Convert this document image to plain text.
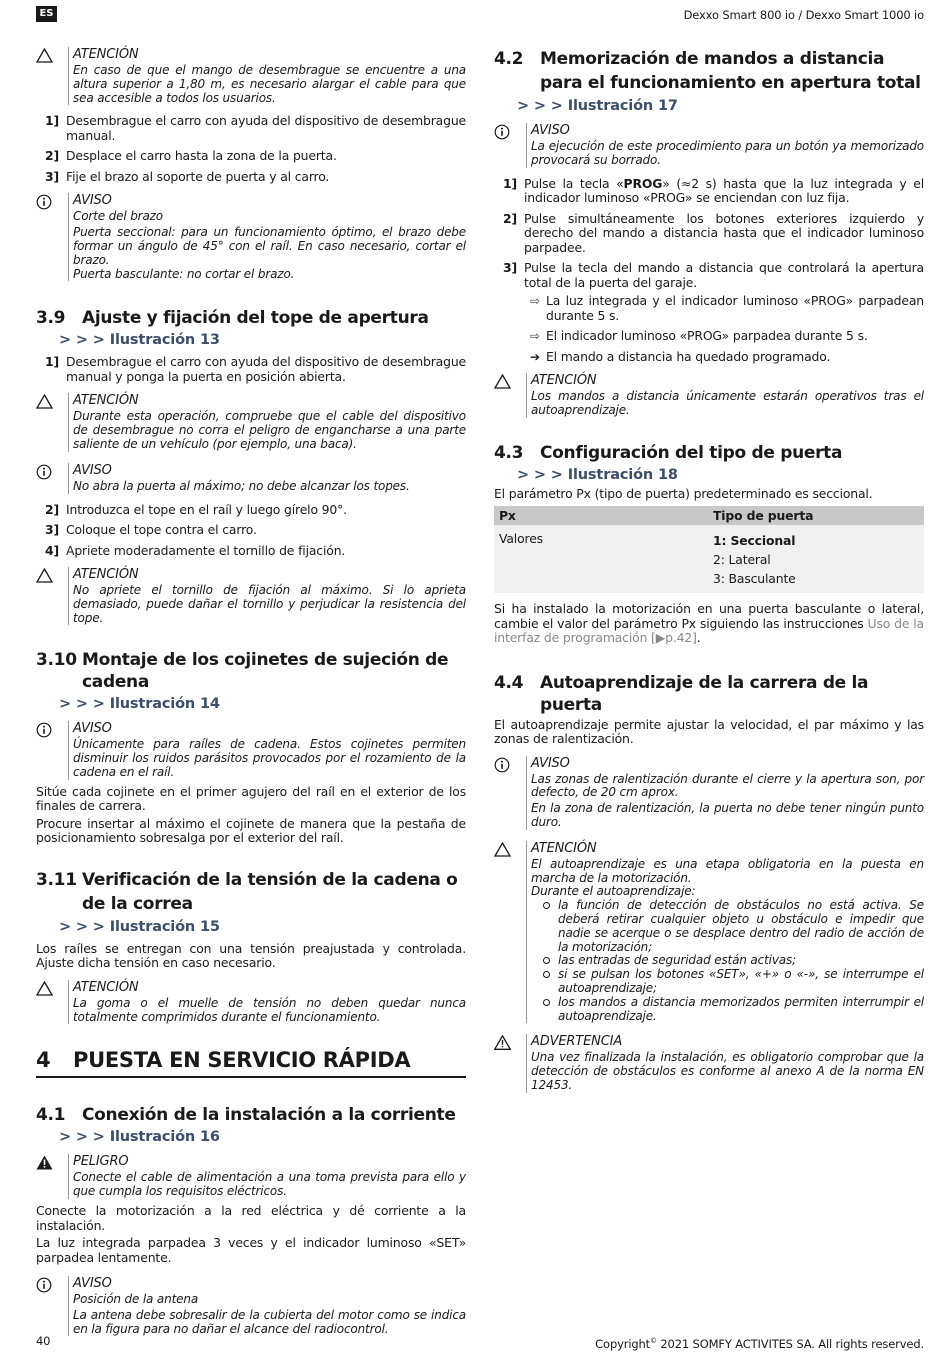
ES	Dexxo Smart 800 io / Dexxo Smart 1000 io
40	Copyright© 2021 SOMFY ACTIVITES SA. All rights reserved.
ATENCIÓN
En caso de que el mango de desembrague se encuentre a una altura superior a 1,80 m, es necesario alargar el cable para que sea accesible a todos los usuarios.
1] Desembrague el carro con ayuda del dispositivo de desembrague manual.
2] Desplace el carro hasta la zona de la puerta.
3] Fije el brazo al soporte de puerta y al carro.
AVISO
Corte del brazo
Puerta seccional: para un funcionamiento óptimo, el brazo debe formar un ángulo de 45° con el raíl. En caso necesario, cortar el brazo.
Puerta basculante: no cortar el brazo.
3.9 Ajuste y fijación del tope de apertura
> > > Ilustración 13
1] Desembrague el carro con ayuda del dispositivo de desembrague manual y ponga la puerta en posición abierta.
ATENCIÓN
Durante esta operación, compruebe que el cable del dispositivo de desembrague no corra el peligro de engancharse a una parte saliente de un vehículo (por ejemplo, una baca).
AVISO
No abra la puerta al máximo; no debe alcanzar los topes.
2] Introduzca el tope en el raíl y luego gírelo 90°.
3] Coloque el tope contra el carro.
4] Apriete moderadamente el tornillo de fijación.
ATENCIÓN
No apriete el tornillo de fijación al máximo. Si lo aprieta demasiado, puede dañar el tornillo y perjudicar la resistencia del tope.
3.10 Montaje de los cojinetes de sujeción de cadena
> > > Ilustración 14
AVISO
Únicamente para raíles de cadena. Estos cojinetes permiten disminuir los ruidos parásitos provocados por el rozamiento de la cadena en el raíl.
Sitúe cada cojinete en el primer agujero del raíl en el exterior de los finales de carrera.
Procure insertar al máximo el cojinete de manera que la pestaña de posicionamiento sobresalga por el exterior del raíl.
3.11 Verificación de la tensión de la cadena o de la correa
> > > Ilustración 15
Los raíles se entregan con una tensión preajustada y controlada. Ajuste dicha tensión en caso necesario.
ATENCIÓN
La goma o el muelle de tensión no deben quedar nunca totalmente comprimidos durante el funcionamiento.
4	PUESTA EN SERVICIO RÁPIDA
4.1 Conexión de la instalación a la corriente
> > > Ilustración 16
PELIGRO
Conecte el cable de alimentación a una toma prevista para ello y que cumpla los requisitos eléctricos.
Conecte la motorización a la red eléctrica y dé corriente a la instalación.
La luz integrada parpadea 3 veces y el indicador luminoso «SET» parpadea lentamente.
AVISO
Posición de la antena
La antena debe sobresalir de la cubierta del motor como se indica en la figura para no dañar el alcance del radiocontrol.
4.2 Memorización de mandos a distancia para el funcionamiento en apertura total
> > > Ilustración 17
AVISO
La ejecución de este procedimiento para un botón ya memorizado provocará su borrado.
1] Pulse la tecla «PROG» (≈2 s) hasta que la luz integrada y el indicador luminoso «PROG» se enciendan con luz fija.
2] Pulse simultáneamente los botones exteriores izquierdo y derecho del mando a distancia hasta que el indicador luminoso parpadee.
3] Pulse la tecla del mando a distancia que controlará la apertura total de la puerta del garaje.
⇨ La luz integrada y el indicador luminoso «PROG» parpadean durante 5 s.
⇨ El indicador luminoso «PROG» parpadea durante 5 s.
➔ El mando a distancia ha quedado programado.
ATENCIÓN
Los mandos a distancia únicamente estarán operativos tras el autoaprendizaje.
4.3 Configuración del tipo de puerta
> > > Ilustración 18
El parámetro Px (tipo de puerta) predeterminado es seccional.
Px	Tipo de puerta
Valores	1: Seccional
2: Lateral
3: Basculante
Si ha instalado la motorización en una puerta basculante o lateral, cambie el valor del parámetro Px siguiendo las instrucciones Uso de la interfaz de programación [▶p.42].
4.4 Autoaprendizaje de la carrera de la puerta
El autoaprendizaje permite ajustar la velocidad, el par máximo y las zonas de ralentización.
AVISO
Las zonas de ralentización durante el cierre y la apertura son, por defecto, de 20 cm aprox.
En la zona de ralentización, la puerta no debe tener ningún punto duro.
ATENCIÓN
El autoaprendizaje es una etapa obligatoria en la puesta en marcha de la motorización.
Durante el autoaprendizaje:
la función de detección de obstáculos no está activa. Se deberá retirar cualquier objeto u obstáculo e impedir que nadie se acerque o se desplace dentro del radio de acción de la motorización;
las entradas de seguridad están activas;
si se pulsan los botones «SET», «+» o «-», se interrumpe el autoaprendizaje;
los mandos a distancia memorizados permiten interrumpir el autoaprendizaje.
ADVERTENCIA
Una vez finalizada la instalación, es obligatorio comprobar que la detección de obstáculos es conforme al anexo A de la norma EN 12453.
